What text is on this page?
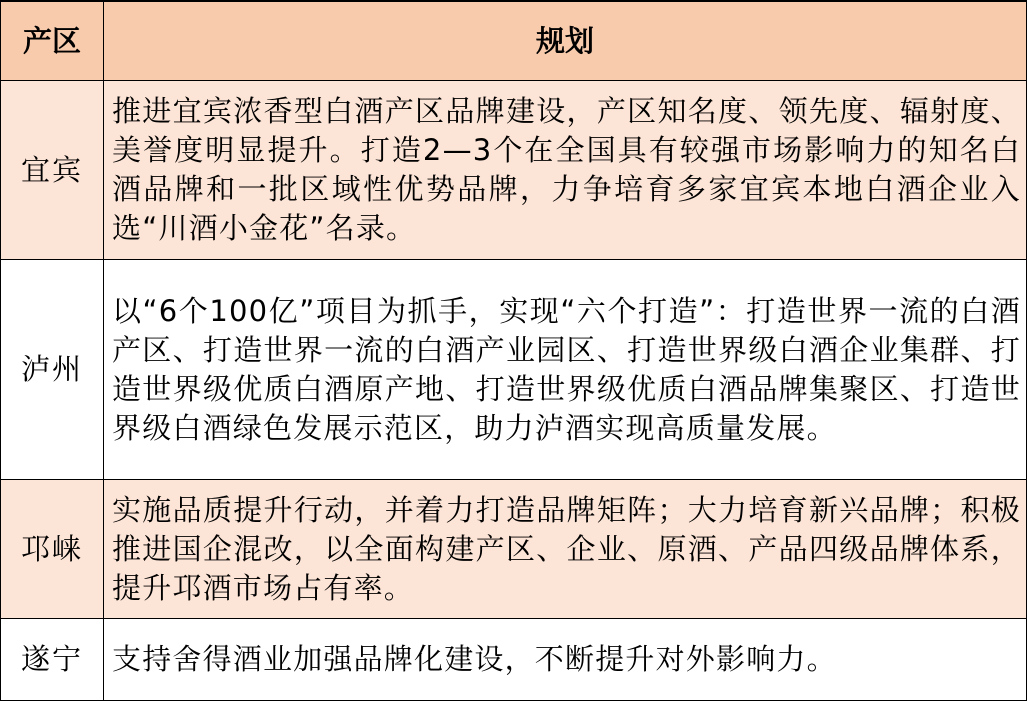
产区	规划
宜宾	推进宜宾浓香型白酒产区品牌建设，产区知名度、领先度、辐射度、美誉度明显提升。打造2—3个在全国具有较强市场影响力的知名白酒品牌和一批区域性优势品牌，力争培育多家宜宾本地白酒企业入选“川酒小金花”名录。
泸州	以“6个100亿”项目为抓手，实现“六个打造”：打造世界一流的白酒产区、打造世界一流的白酒产业园区、打造世界级白酒企业集群、打造世界级优质白酒原产地、打造世界级优质白酒品牌集聚区、打造世界级白酒绿色发展示范区，助力泸酒实现高质量发展。
邛崃	实施品质提升行动，并着力打造品牌矩阵；大力培育新兴品牌；积极推进国企混改，以全面构建产区、企业、原酒、产品四级品牌体系，提升邛酒市场占有率。
遂宁	支持舍得酒业加强品牌化建设，不断提升对外影响力。
